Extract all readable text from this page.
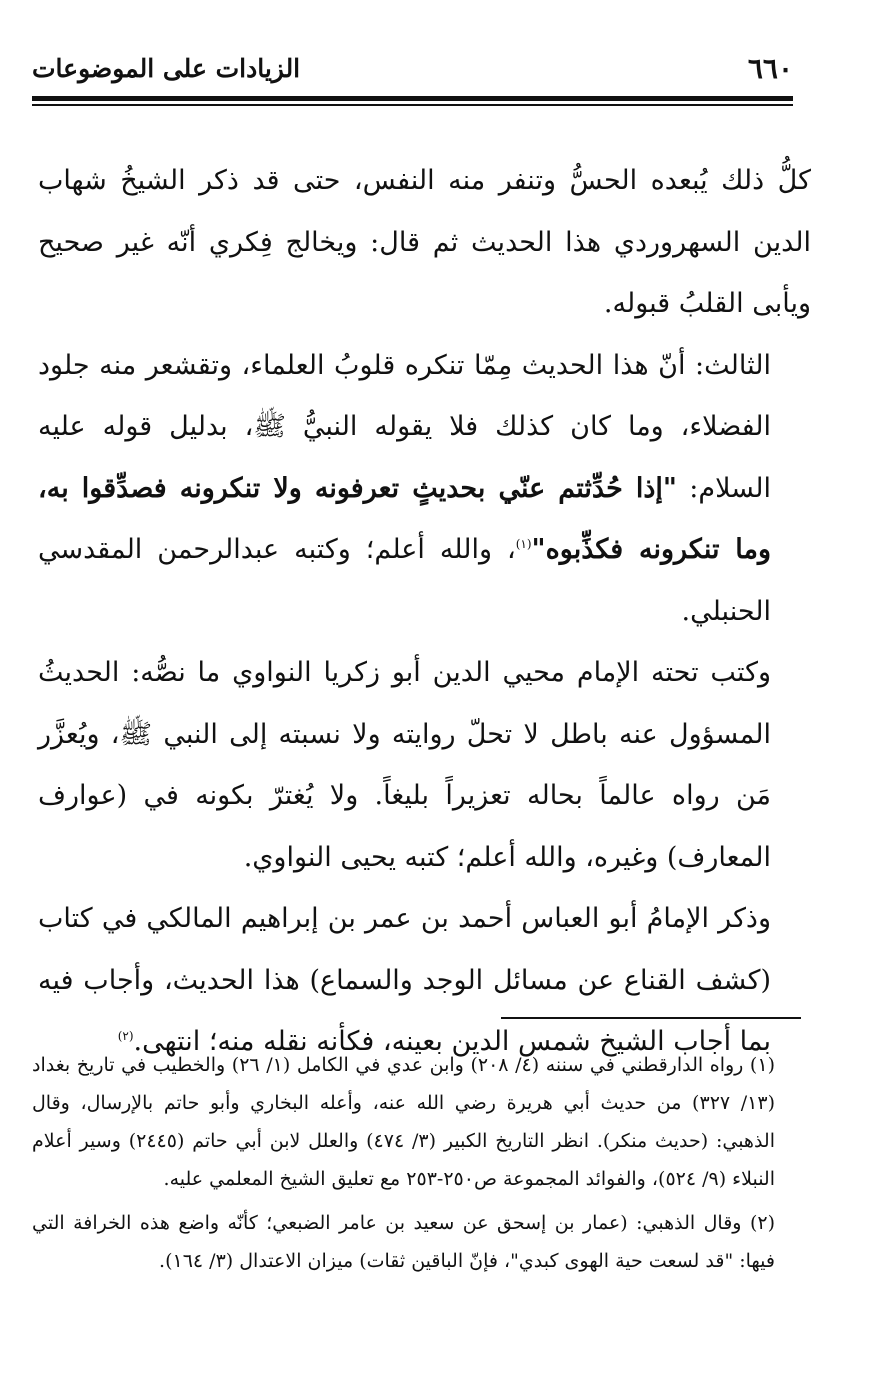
٦٦٠
الزيادات على الموضوعات

كلُّ ذلك يُبعده الحسُّ وتنفر منه النفس، حتى قد ذكر الشيخُ شهاب الدين السهروردي هذا الحديث ثم قال: ويخالج فِكري أنّه غير صحيح ويأبى القلبُ قبوله.

الثالث: أنّ هذا الحديث مِمّا تنكره قلوبُ العلماء، وتقشعر منه جلود الفضلاء، وما كان كذلك فلا يقوله النبيُّ ﷺ، بدليل قوله عليه السلام: "إذا حُدِّثتم عنّي بحديثٍ تعرفونه ولا تنكرونه فصدِّقوا به، وما تنكرونه فكذِّبوه"$^{(١)}$، والله أعلم؛ وكتبه عبدالرحمن المقدسي الحنبلي.

وكتب تحته الإمام محيي الدين أبو زكريا النواوي ما نصُّه: الحديثُ المسؤول عنه باطل لا تحلّ روايته ولا نسبته إلى النبي ﷺ، ويُعزَّر مَن رواه عالماً بحاله تعزيراً بليغاً. ولا يُغترّ بكونه في (عوارف المعارف) وغيره، والله أعلم؛ كتبه يحيى النواوي.

وذكر الإمامُ أبو العباس أحمد بن عمر بن إبراهيم المالكي في كتاب (كشف القناع عن مسائل الوجد والسماع) هذا الحديث، وأجاب فيه بما أجاب الشيخ شمس الدين بعينه، فكأنه نقله منه؛ انتهى.$^{(٢)}$

(١) رواه الدارقطني في سننه (٤/ ٢٠٨) وابن عدي في الكامل (١/ ٢٦) والخطيب في تاريخ بغداد (١٣/ ٣٢٧) من حديث أبي هريرة رضي الله عنه، وأعله البخاري وأبو حاتم بالإرسال، وقال الذهبي: (حديث منكر). انظر التاريخ الكبير (٣/ ٤٧٤) والعلل لابن أبي حاتم (٢٤٤٥) وسير أعلام النبلاء (٩/ ٥٢٤)، والفوائد المجموعة ص٢٥٠-٢٥٣ مع تعليق الشيخ المعلمي عليه.

(٢) وقال الذهبي: (عمار بن إسحق عن سعيد بن عامر الضبعي؛ كأنّه واضع هذه الخرافة التي فيها: "قد لسعت حية الهوى كبدي"، فإنّ الباقين ثقات) ميزان الاعتدال (٣/ ١٦٤).
